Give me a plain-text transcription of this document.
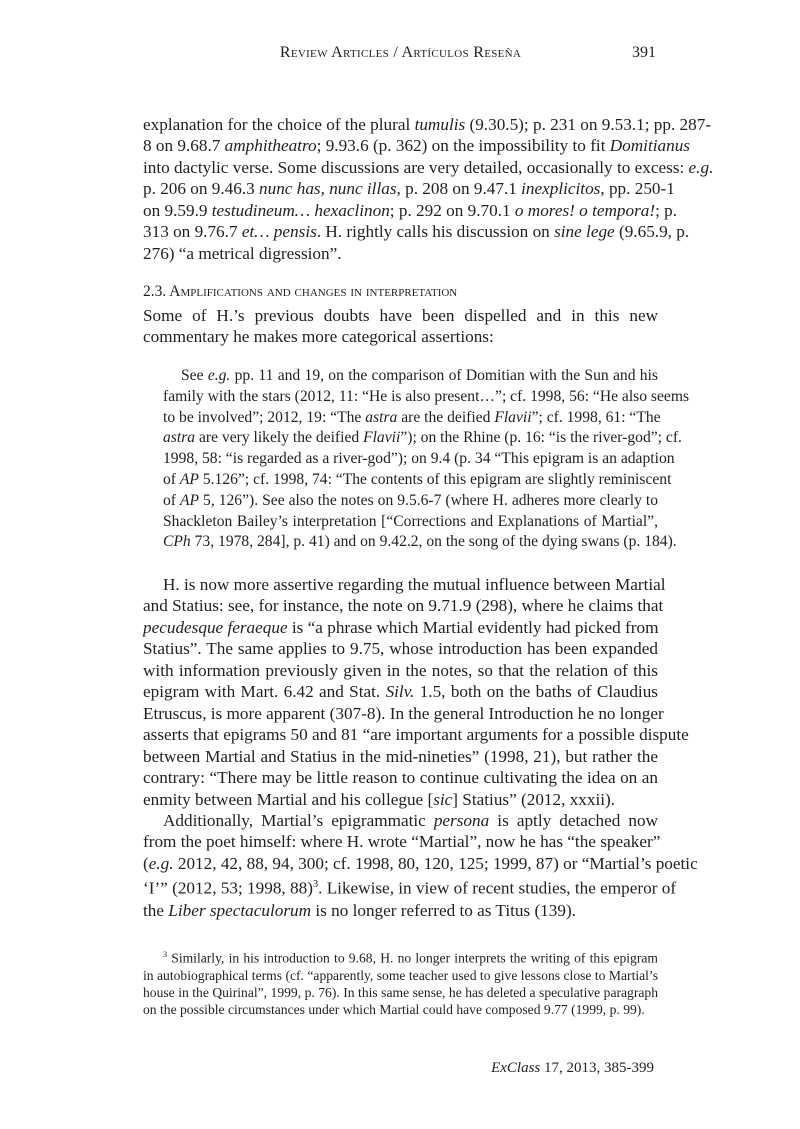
Review Articles / Artículos Reseña	391
explanation for the choice of the plural tumulis (9.30.5); p. 231 on 9.53.1; pp. 287-
8 on 9.68.7 amphitheatro; 9.93.6 (p. 362) on the impossibility to fit Domitianus
into dactylic verse. Some discussions are very detailed, occasionally to excess: e.g.
p. 206 on 9.46.3 nunc has, nunc illas, p. 208 on 9.47.1 inexplicitos, pp. 250-1
on 9.59.9 testudineum… hexaclinon; p. 292 on 9.70.1 o mores! o tempora!; p.
313 on 9.76.7 et… pensis. H. rightly calls his discussion on sine lege (9.65.9, p.
276) “a metrical digression”.
2.3. Amplifications and changes in interpretation
Some of H.’s previous doubts have been dispelled and in this new
commentary he makes more categorical assertions:
See e.g. pp. 11 and 19, on the comparison of Domitian with the Sun and his
family with the stars (2012, 11: “He is also present…”; cf. 1998, 56: “He also seems
to be involved”; 2012, 19: “The astra are the deified Flavii”; cf. 1998, 61: “The
astra are very likely the deified Flavii”); on the Rhine (p. 16: “is the river-god”; cf.
1998, 58: “is regarded as a river-god”); on 9.4 (p. 34 “This epigram is an adaption
of AP 5.126”; cf. 1998, 74: “The contents of this epigram are slightly reminiscent
of AP 5, 126”). See also the notes on 9.5.6-7 (where H. adheres more clearly to
Shackleton Bailey’s interpretation [“Corrections and Explanations of Martial”,
CPh 73, 1978, 284], p. 41) and on 9.42.2, on the song of the dying swans (p. 184).
H. is now more assertive regarding the mutual influence between Martial
and Statius: see, for instance, the note on 9.71.9 (298), where he claims that
pecudesque feraeque is “a phrase which Martial evidently had picked from
Statius”. The same applies to 9.75, whose introduction has been expanded
with information previously given in the notes, so that the relation of this
epigram with Mart. 6.42 and Stat. Silv. 1.5, both on the baths of Claudius
Etruscus, is more apparent (307-8). In the general Introduction he no longer
asserts that epigrams 50 and 81 “are important arguments for a possible dispute
between Martial and Statius in the mid-nineties” (1998, 21), but rather the
contrary: “There may be little reason to continue cultivating the idea on an
enmity between Martial and his collegue [sic] Statius” (2012, xxxii).
Additionally, Martial’s epigrammatic persona is aptly detached now
from the poet himself: where H. wrote “Martial”, now he has “the speaker”
(e.g. 2012, 42, 88, 94, 300; cf. 1998, 80, 120, 125; 1999, 87) or “Martial’s poetic
‘I’” (2012, 53; 1998, 88)$^3$. Likewise, in view of recent studies, the emperor of
the Liber spectaculorum is no longer referred to as Titus (139).
$^3$ Similarly, in his introduction to 9.68, H. no longer interprets the writing of this epigram
in autobiographical terms (cf. “apparently, some teacher used to give lessons close to Martial’s
house in the Quirinal”, 1999, p. 76). In this same sense, he has deleted a speculative paragraph
on the possible circumstances under which Martial could have composed 9.77 (1999, p. 99).
ExClass 17, 2013, 385-399
